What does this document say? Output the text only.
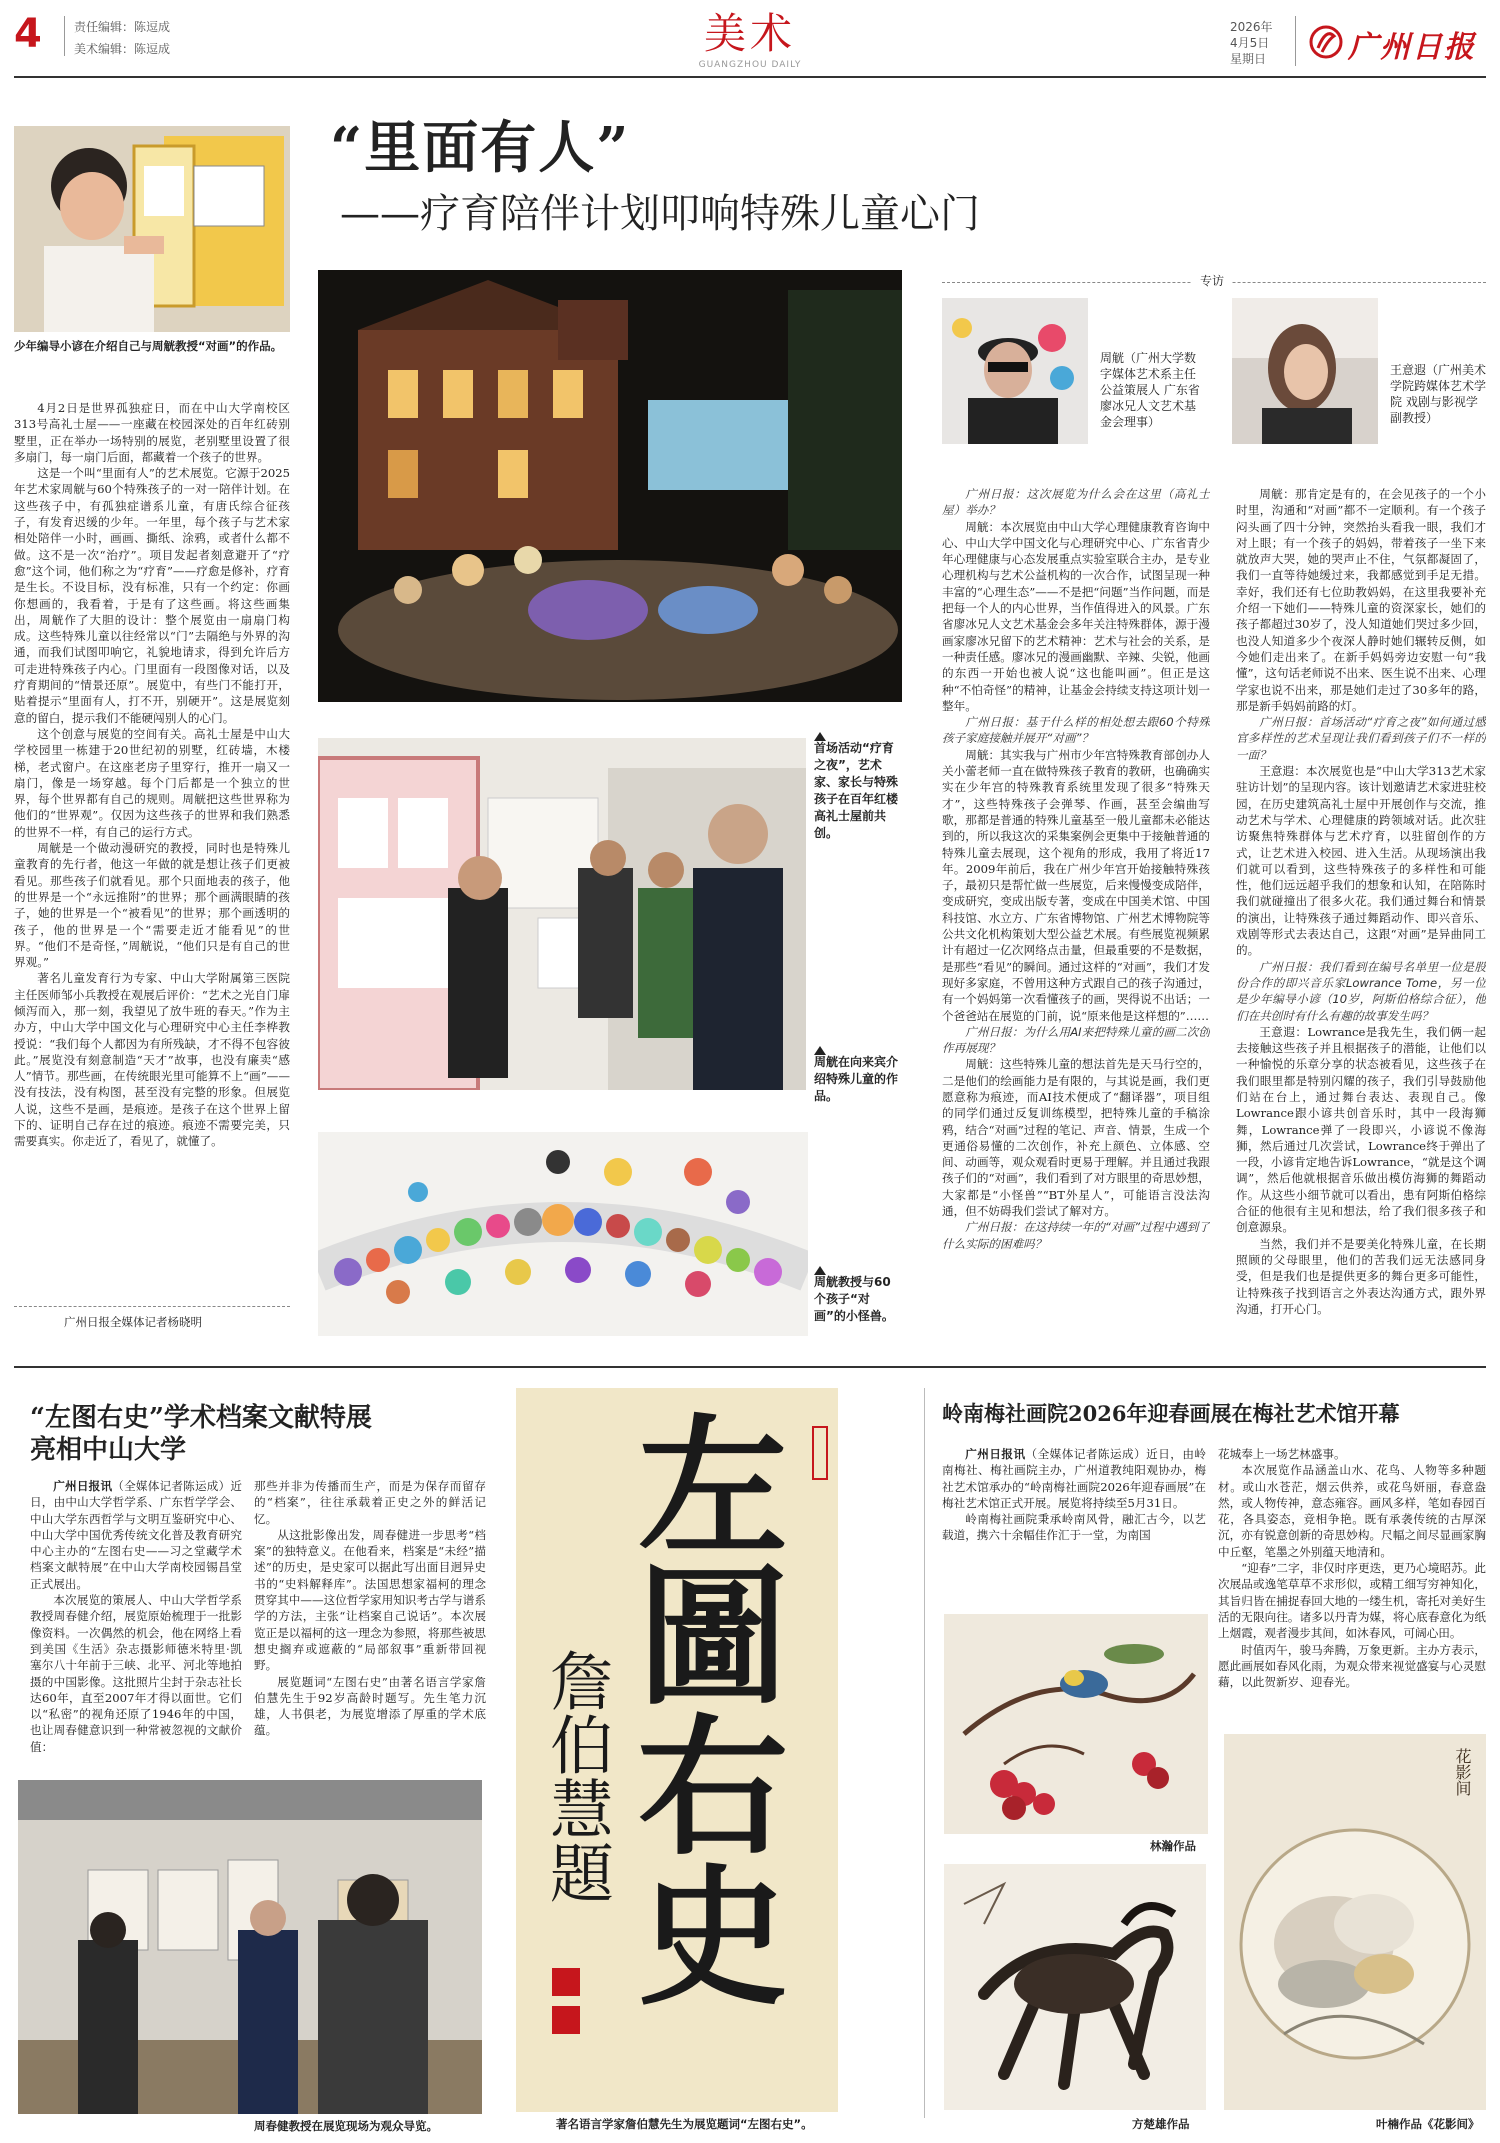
4	责任编辑：陈逗成
美术编辑：陈逗成	美术
GUANGZHOU DAILY
2026年
4月5日
星期日	广州日报
少年编导小谚在介绍自己与周觥教授“对画”的作品。
“里面有人”
——疗育陪伴计划叩响特殊儿童心门

4月2日是世界孤独症日，而在中山大学南校区313号高礼士屋——一座藏在校园深处的百年红砖别墅里，正在举办一场特别的展览，老别墅里设置了很多扇门，每一扇门后面，都藏着一个孩子的世界。

这是一个叫“里面有人”的艺术展览。它源于2025年艺术家周觥与60个特殊孩子的一对一陪伴计划。在这些孩子中，有孤独症谱系儿童，有唐氏综合征孩子，有发育迟缓的少年。一年里，每个孩子与艺术家相处陪伴一小时，画画、撕纸、涂鸦，或者什么都不做。这不是一次“治疗”。项目发起者刻意避开了“疗愈”这个词，他们称之为“疗育”——疗愈是修补，疗育是生长。不设目标，没有标准，只有一个约定：你画你想画的，我看着，于是有了这些画。将这些画集出，周觥作了大胆的设计：整个展览由一扇扇门构成。这些特殊儿童以往经常以“门”去隔绝与外界的沟通，而我们试图叩响它，礼貌地请求，得到允许后方可走进特殊孩子内心。门里面有一段图像对话，以及疗育期间的“情景还原”。展览中，有些门不能打开，贴着提示“里面有人，打不开，别硬开”。这是展览刻意的留白，提示我们不能硬闯别人的心门。

这个创意与展览的空间有关。高礼士屋是中山大学校园里一栋建于20世纪初的别墅，红砖墙，木楼梯，老式窗户。在这座老房子里穿行，推开一扇又一扇门，像是一场穿越。每个门后都是一个独立的世界，每个世界都有自己的规则。周觥把这些世界称为他们的“世界观”。仅因为这些孩子的世界和我们熟悉的世界不一样，有自己的运行方式。

周觥是一个做动漫研究的教授，同时也是特殊儿童教育的先行者，他这一年做的就是想让孩子们更被看见。那些孩子们就看见。那个只面地表的孩子，他的世界是一个“永远推附”的世界；那个画满眼睛的孩子，她的世界是一个“被看见”的世界；那个画透明的孩子，他的世界是一个“需要走近才能看见”的世界。“他们不是奇怪，”周觥说，“他们只是有自己的世界观。”

著名儿童发育行为专家、中山大学附属第三医院主任医师邹小兵教授在观展后评价：“艺术之光自门扉倾泻而入，那一刻，我望见了放牛班的春天。”作为主办方，中山大学中国文化与心理研究中心主任李桦教授说：“我们每个人都因为有所残缺，才不得不包容彼此。”展览没有刻意制造“天才”故事，也没有廉卖“感人”情节。那些画，在传统眼光里可能算不上“画”——没有技法，没有构图，甚至没有完整的形象。但展览人说，这些不是画，是痕迹。是孩子在这个世界上留下的、证明自己存在过的痕迹。痕迹不需要完美，只需要真实。你走近了，看见了，就懂了。

广州日报全媒体记者杨晓明
首场活动“疗育之夜”，艺术家、家长与特殊孩子在百年红楼高礼士屋前共创。
周觥在向来宾介绍特殊儿童的作品。
周觥教授与60个孩子“对画”的小怪兽。
专访
周觥（广州大学数字媒体艺术系主任 公益策展人 广东省廖冰兄人文艺术基金会理事）
王意遐（广州美术学院跨媒体艺术学院 戏剧与影视学副教授）

广州日报：这次展览为什么会在这里（高礼士屋）举办？

周觥：本次展览由中山大学心理健康教育咨询中心、中山大学中国文化与心理研究中心、广东省青少年心理健康与心态发展重点实验室联合主办，是专业心理机构与艺术公益机构的一次合作，试图呈现一种丰富的“心理生态”——不是把“问题”当作问题，而是把每一个人的内心世界，当作值得进入的风景。广东省廖冰兄人文艺术基金会多年关注特殊群体，源于漫画家廖冰兄留下的艺术精神：艺术与社会的关系，是一种责任感。廖冰兄的漫画幽默、辛辣、尖锐，他画的东西一开始也被人说“这也能叫画”。但正是这种“不怕奇怪”的精神，让基金会持续支持这项计划一整年。

广州日报：基于什么样的相处想去跟60个特殊孩子家庭接触并展开“对画”？

周觥：其实我与广州市少年宫特殊教育部创办人关小蕾老师一直在做特殊孩子教育的教研，也确确实实在少年宫的特殊教育系统里发现了很多“特殊天才”，这些特殊孩子会弹琴、作画，甚至会编曲写歌，那都是普通的特殊儿童基至一般儿童都未必能达到的，所以我这次的采集案例会更集中于接触普通的特殊儿童去展现，这个视角的形成，我用了将近17年。2009年前后，我在广州少年宫开始接触特殊孩子，最初只是帮忙做一些展览，后来慢慢变成陪伴，变成研究，变成出版专著，变成在中国美术馆、中国科技馆、水立方、广东省博物馆、广州艺术博物院等公共文化机构策划大型公益艺术展。有些展览视频累计有超过一亿次网络点击量，但最重要的不是数据，是那些“看见”的瞬间。通过这样的“对画”，我们才发现好多家庭，不曾用这种方式跟自己的孩子沟通过，有一个妈妈第一次看懂孩子的画，哭得说不出话；一个爸爸站在展览的门前，说“原来他是这样想的”……

广州日报：为什么用AI来把特殊儿童的画二次创作再展现？

周觥：这些特殊儿童的想法首先是天马行空的，二是他们的绘画能力是有限的，与其说是画，我们更愿意称为痕迹，而AI技术便成了“翻译器”，项目组的同学们通过反复训练模型，把特殊儿童的手稿涂鸦，结合“对画”过程的笔记、声音、情景，生成一个更通俗易懂的二次创作，补充上颜色、立体感、空间、动画等，观众观看时更易于理解。并且通过我跟孩子们的“对画”，我们看到了对方眼里的奇思妙想，大家都是“小怪兽”“BT外星人”，可能语言没法沟通，但不妨碍我们尝试了解对方。

广州日报：在这持续一年的“对画”过程中遇到了什么实际的困难吗？

周觥：那肯定是有的，在会见孩子的一个小时里，沟通和“对画”都不一定顺利。有一个孩子闷头画了四十分钟，突然抬头看我一眼，我们才对上眼；有一个孩子的妈妈，带着孩子一坐下来就放声大哭，她的哭声止不住，气氛都凝固了，我们一直等待她缓过来，我都感觉到手足无措。幸好，我们还有七位助教妈妈，在这里我要补充介绍一下她们——特殊儿童的资深家长，她们的孩子都超过30岁了，没人知道她们哭过多少回，也没人知道多少个夜深人静时她们辗转反侧，如今她们走出来了。在新手妈妈旁边安慰一句“我懂”，这句话老师说不出来、医生说不出来、心理学家也说不出来，那是她们走过了30多年的路，那是新手妈妈前路的灯。

广州日报：首场活动“疗育之夜”如何通过感官多样性的艺术呈现让我们看到孩子们不一样的一面？

王意遐：本次展览也是“中山大学313艺术家驻访计划”的呈现内容。该计划邀请艺术家进驻校园，在历史建筑高礼士屋中开展创作与交流，推动艺术与学术、心理健康的跨领域对话。此次驻访聚焦特殊群体与艺术疗育，以驻留创作的方式，让艺术进入校园、进入生活。从现场演出我们就可以看到，这些特殊孩子的多样性和可能性，他们远远超乎我们的想象和认知，在陪陈时我们就碰撞出了很多火花。我们通过舞台和情景的演出，让特殊孩子通过舞蹈动作、即兴音乐、戏剧等形式去表达自己，这跟“对画”是异曲同工的。

广州日报：我们看到在编号名单里一位是股份合作的即兴音乐家Lowrance Tome，另一位是少年编导小谚（10岁，阿斯伯格综合征），他们在共创时有什么有趣的故事发生吗？

王意遐：Lowrance是我先生，我们俩一起去接触这些孩子并且根据孩子的潜能，让他们以一种愉悦的乐章分享的状态被看见，这些孩子在我们眼里都是特别闪耀的孩子，我们引导鼓励他们站在台上，通过舞台表达、表现自己。像Lowrance跟小谚共创音乐时，其中一段海狮舞，Lowrance弹了一段即兴，小谚说不像海狮，然后通过几次尝试，Lowrance终于弹出了一段，小谚肯定地告诉Lowrance，“就是这个调调”，然后他就根据音乐做出模仿海狮的舞蹈动作。从这些小细节就可以看出，患有阿斯伯格综合征的他很有主见和想法，给了我们很多孩子和创意源泉。

当然，我们并不是要美化特殊儿童，在长期照顾的父母眼里，他们的苦我们远无法感同身受，但是我们也是提供更多的舞台更多可能性，让特殊孩子找到语言之外表达沟通方式，跟外界沟通，打开心门。

“左图右史”学术档案文献特展
亮相中山大学

广州日报讯（全媒体记者陈运成）近日，由中山大学哲学系、广东哲学学会、中山大学东西哲学与文明互鉴研究中心、中山大学中国优秀传统文化普及教育研究中心主办的“左图右史——习之堂藏学术档案文献特展”在中山大学南校园锡昌堂正式展出。

本次展览的策展人、中山大学哲学系教授周春健介绍，展览原始梳理于一批影像资料。一次偶然的机会，他在网络上看到美国《生活》杂志摄影师德米特里·凯塞尔八十年前于三峡、北平、河北等地拍摄的中国影像。这批照片尘封于杂志社长达60年，直至2007年才得以面世。它们以“私密”的视角还原了1946年的中国，也让周春健意识到一种常被忽视的文献价值：

那些并非为传播而生产，而是为保存而留存的“档案”，往往承载着正史之外的鲜活记忆。

从这批影像出发，周春健进一步思考“档案”的独特意义。在他看来，档案是“未经”描述”的历史，是史家可以据此写出面目迥异史书的“史料解释库”。法国思想家福柯的理念贯穿其中——这位哲学家用知识考古学与谱系学的方法，主张“让档案自己说话”。本次展览正是以福柯的这一理念为参照，将那些被思想史搁弃或遮蔽的“局部叙事”重新带回视野。

展览题词“左图右史”由著名语言学家詹伯慧先生于92岁高龄时题写。先生笔力沉雄，人书俱老，为展览增添了厚重的学术底蕴。

周春健教授在展览现场为观众导览。
左圖右史
詹伯慧題
著名语言学家詹伯慧先生为展览题词“左图右史”。
岭南梅社画院2026年迎春画展在梅社艺术馆开幕

广州日报讯（全媒体记者陈运成）近日，由岭南梅社、梅社画院主办，广州道教纯阳观协办，梅社艺术馆承办的“岭南梅社画院2026年迎春画展”在梅社艺术馆正式开展。展览将持续至5月31日。

岭南梅社画院秉承岭南风骨，融汇古今，以艺载道，携六十余幅佳作汇于一堂，为南国

花城奉上一场艺林盛事。

本次展览作品涵盖山水、花鸟、人物等多种题材。或山水苍茫，烟云供养，或花鸟妍丽，春意盎然，或人物传神，意态雍容。画风多样，笔如春园百花，各具姿态，竞相争艳。既有承袭传统的古厚深沉，亦有锐意创新的奇思妙构。尺幅之间尽显画家胸中丘壑，笔墨之外别蕴天地清和。

“迎春”二字，非仅时序更迭，更乃心境昭苏。此次展品或逸笔草草不求形似，或精工细写穷神知化，其旨归皆在捕捉春回大地的一缕生机，寄托对美好生活的无限向往。诸多以丹青为媒，将心底春意化为纸上烟霞，观者漫步其间，如沐春风，可阔心田。

时值丙午，骏马奔腾，万象更新。主办方表示，愿此画展如春风化雨，为观众带来视觉盛宴与心灵慰藉，以此贺新岁、迎春光。

林瀚作品
方楚雄作品
花影间
叶楠作品《花影间》
